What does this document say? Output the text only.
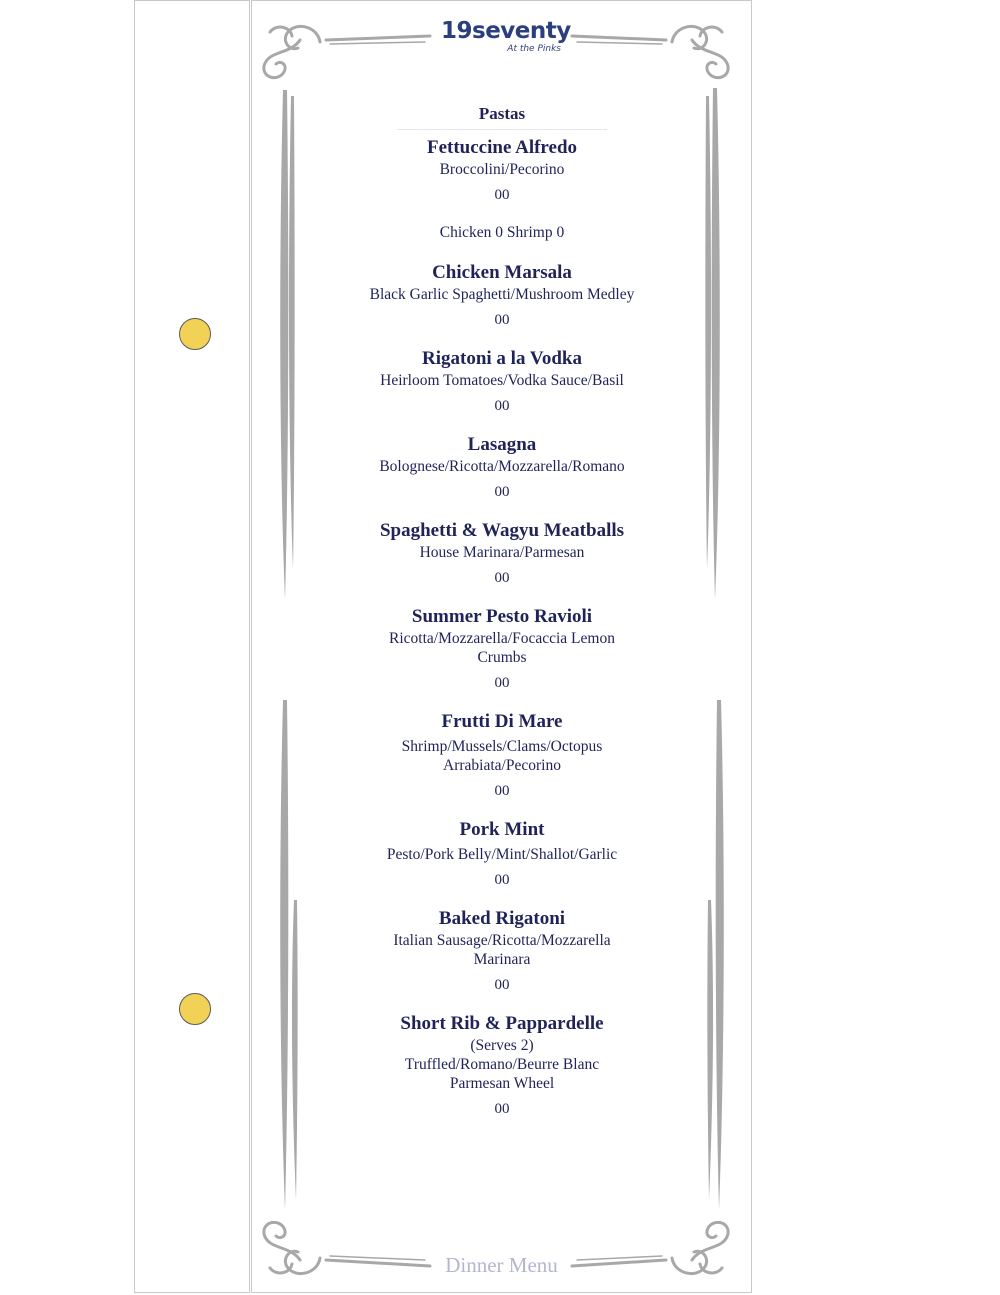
19seventy
At the Pinks
Pastas

Fettuccine Alfredo

Broccolini/Pecorino

00

Chicken 0 Shrimp 0

Chicken Marsala

Black Garlic Spaghetti/Mushroom Medley

00

Rigatoni a la Vodka

Heirloom Tomatoes/Vodka Sauce/Basil

00

Lasagna

Bolognese/Ricotta/Mozzarella/Romano

00

Spaghetti & Wagyu Meatballs

House Marinara/Parmesan

00

Summer Pesto Ravioli

Ricotta/Mozzarella/Focaccia Lemon Crumbs

00

Frutti Di Mare

Shrimp/Mussels/Clams/Octopus Arrabiata/Pecorino

00

Pork Mint

Pesto/Pork Belly/Mint/Shallot/Garlic

00

Baked Rigatoni

Italian Sausage/Ricotta/Mozzarella Marinara

00

Short Rib & Pappardelle

(Serves 2) Truffled/Romano/Beurre Blanc Parmesan Wheel

00
Dinner Menu
